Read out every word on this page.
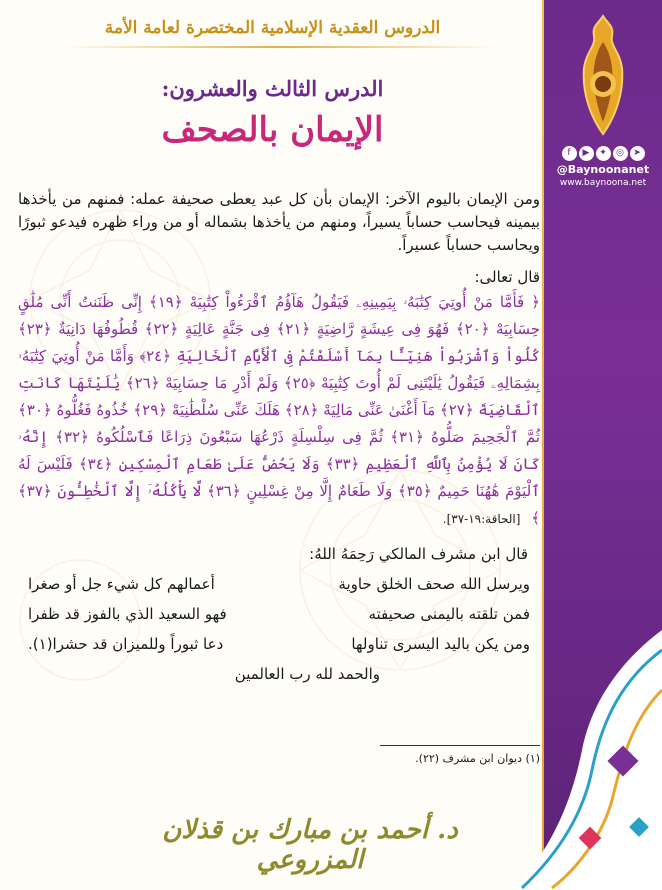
f	▶	✦	◎	➤
@Baynoonanet
www.baynoona.net
الدروس العقدية الإسلامية المختصرة لعامة الأمة
الدرس الثالث والعشرون:
الإيمان بالصحف

ومن الإيمان باليوم الآخر: الإيمان بأن كل عبد يعطى صحيفة عمله: فمنهم من يأخذها بيمينه فيحاسب حساباً يسيراً، ومنهم من يأخذها بشماله أو من وراء ظهره فيدعو ثبورًا ويحاسب حساباً عسيراً.

قال تعالى:

﴿ فَأَمَّا مَنْ أُوتِيَ كِتَٰبَهُۥ بِيَمِينِهِۦ فَيَقُولُ هَآؤُمُ ٱقْرَءُواْ كِتَٰبِيَهْ ﴿١٩﴾ إِنِّى ظَنَنتُ أَنِّى مُلَٰقٍ حِسَابِيَهْ ﴿٢٠﴾ فَهُوَ فِى عِيشَةٍ رَّاضِيَةٍ ﴿٢١﴾ فِى جَنَّةٍ عَالِيَةٍ ﴿٢٢﴾ قُطُوفُهَا دَانِيَةٌ ﴿٢٣﴾ كُلُواْ وَٱشْرَبُواْ هَنِيٓـًٔا بِمَآ أَسْلَفْتُمْ فِى ٱلْأَيَّامِ ٱلْخَالِيَةِ ﴿٢٤﴾ وَأَمَّا مَنْ أُوتِيَ كِتَٰبَهُۥ بِشِمَالِهِۦ فَيَقُولُ يَٰلَيْتَنِى لَمْ أُوتَ كِتَٰبِيَهْ ﴿٢٥﴾ وَلَمْ أَدْرِ مَا حِسَابِيَهْ ﴿٢٦﴾ يَٰلَيْتَهَا كَانَتِ ٱلْقَاضِيَةَ ﴿٢٧﴾ مَآ أَغْنَىٰ عَنِّى مَالِيَهْ ﴿٢٨﴾ هَلَكَ عَنِّى سُلْطَٰنِيَهْ ﴿٢٩﴾ خُذُوهُ فَغُلُّوهُ ﴿٣٠﴾ ثُمَّ ٱلْجَحِيمَ صَلُّوهُ ﴿٣١﴾ ثُمَّ فِى سِلْسِلَةٍ ذَرْعُهَا سَبْعُونَ ذِرَاعًا فَٱسْلُكُوهُ ﴿٣٢﴾ إِنَّهُۥ كَانَ لَا يُؤْمِنُ بِٱللَّهِ ٱلْعَظِيمِ ﴿٣٣﴾ وَلَا يَحُضُّ عَلَىٰ طَعَامِ ٱلْمِسْكِينِ ﴿٣٤﴾ فَلَيْسَ لَهُ ٱلْيَوْمَ هَٰهُنَا حَمِيمٌ ﴿٣٥﴾ وَلَا طَعَامٌ إِلَّا مِنْ غِسْلِينٍ ﴿٣٦﴾ لَّا يَأْكُلُهُۥٓ إِلَّا ٱلْخَٰطِـُٔونَ ﴿٣٧﴾ ﴾ [الحاقة:١٩-٣٧].

قال ابن مشرف المالكي رَحِمَهُ اللهُ:

ويرسل الله صحف الخلق حاوية
أعمالهم كل شيء جل أو صغرا
فمن تلقته باليمنى صحيفته
فهو السعيد الذي بالفوز قد ظفرا
ومن يكن باليد اليسرى تناولها
دعا ثبوراً وللميزان قد حشرا(١).

والحمد لله رب العالمين

(١) ديوان ابن مشرف (٢٢).
د. أحمد بن مبارك بن قذلان المزروعي
